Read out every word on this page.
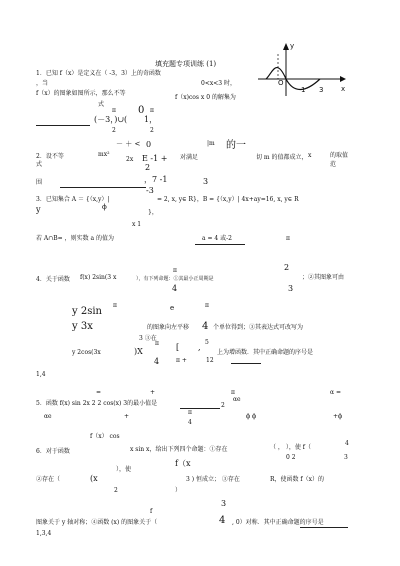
填充题专项训练 (1)
y
x
O
1 3
1．已知 f（x）是定义在（ -3，3）上的奇函数
，当	0<x<3 时，
f（x）的图象如图所示，那么不等
式
f（x)cos x 0 的解集为
(－3，)∪(
π
2
0
1，
π
2
－ ＋ <
2．设不等	mx²
2x E -1 + 对满足
0	|m 的一
切 m 的值都成立， x	的取值
式	范
围	，7 -1
-3
3
2
3．已知集合 A ＝ {（x,y）|	= 2, x, y∈ R}，B = {（x,y）| 4x+ay=16, x, y∈ R
y	ϕ
}，
x 1
若 A∩B= ，则实数 a 的值为	a = 4 或-2	π
2
4．关于函数 f(x) 2sin(3 x	），有下列命题：①其最小正周期是	；②其图象可由
π
4	3
y 2sin
π	e	π
y 3x	的图象向左平移 4 个单位得到；③其表达式可改写为
3 ③在
y 2cos(3x	)X
π
4
[ ,
5
π +	12
上为增函数．其中正确命题的序号是
1,4
=	+	π	α =
5．函数 f(x) sin 2x 2 2 cos(x) 3的最小值是
αe
2
αe	+
π
4
ϕ ϕ	+ϕ
f（x） cos
6．对于函数	x sin x，给出下列四个命题：①存在	（ ， ），使 f（
4
0 2	3
f（x
），使
②存在（	(x	3 ) 恒成立； ③存在	R，使函数 f（x）的
2	）
3
f
图象关于 y 轴对称；④函数 (x) 的图象关于（	4 , 0）对称．其中正确命题的序号是
1,3,4
